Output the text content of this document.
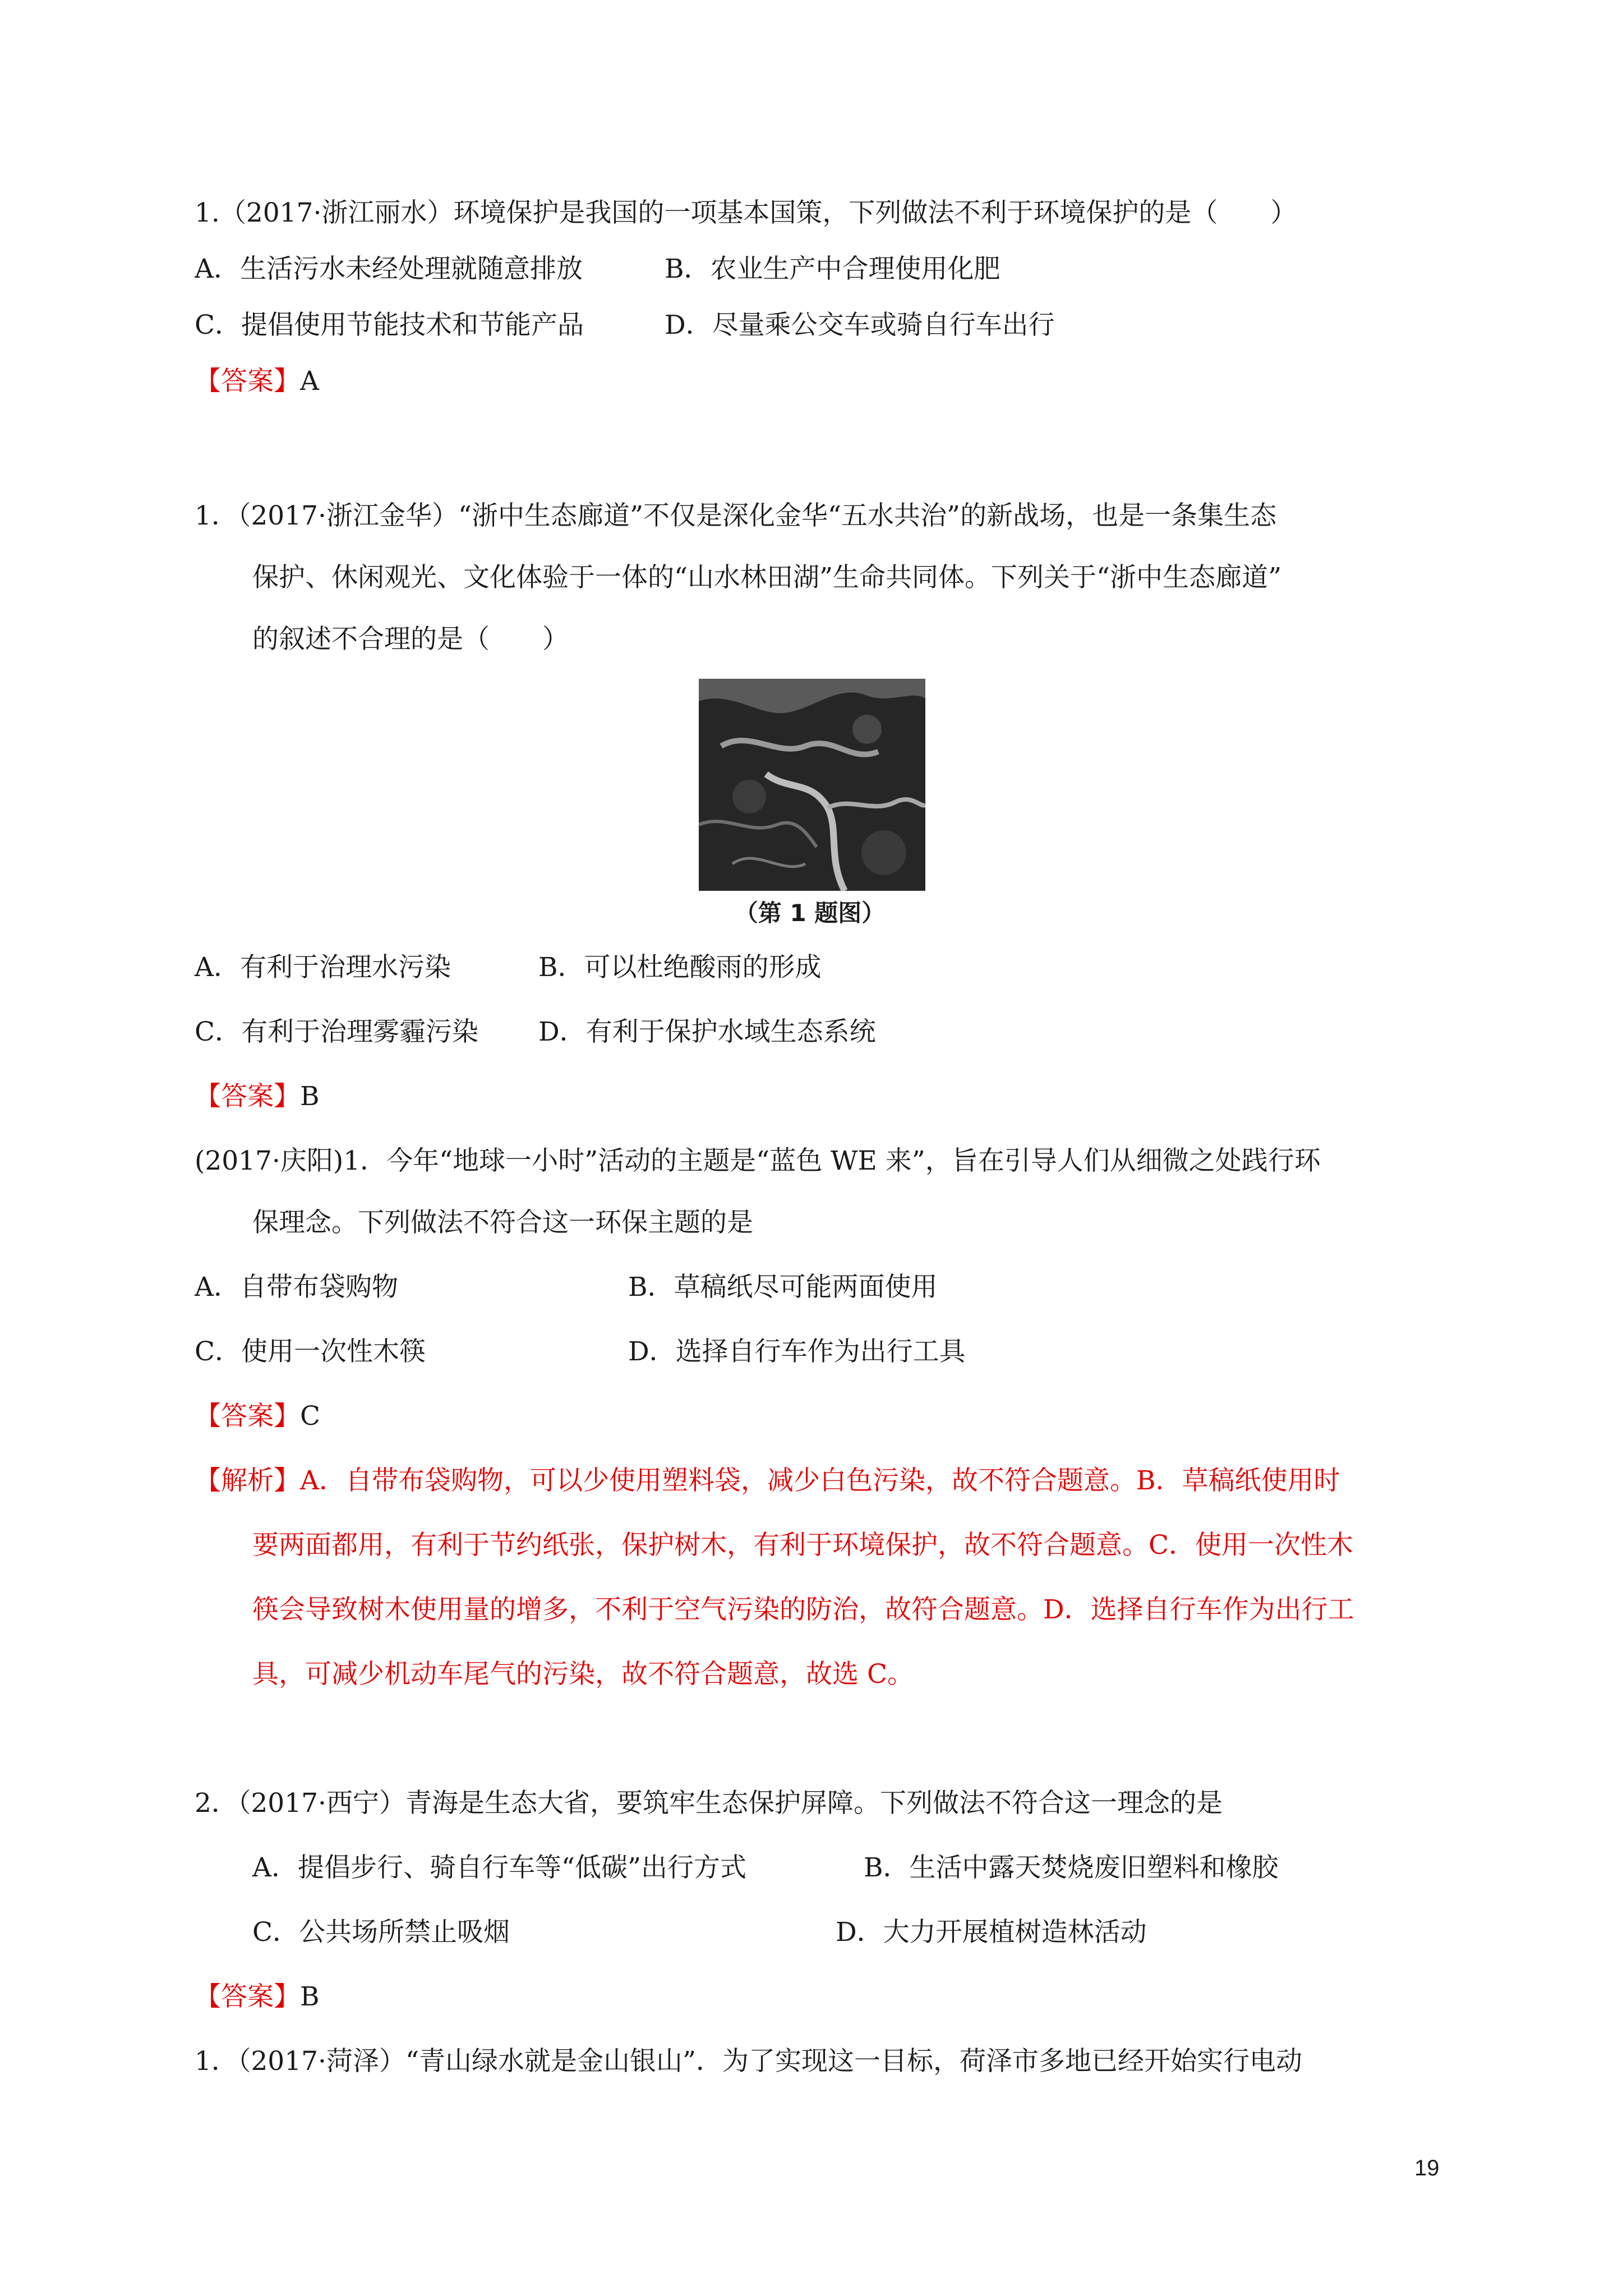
1.（2017·浙江丽水）环境保护是我国的一项基本国策，下列做法不利于环境保护的是（　　）
A．生活污水未经处理就随意排放	B．农业生产中合理使用化肥
C．提倡使用节能技术和节能产品	D．尽量乘公交车或骑自行车出行
【答案】A
1．（2017·浙江金华）“浙中生态廊道”不仅是深化金华“五水共治”的新战场，也是一条集生态
保护、休闲观光、文化体验于一体的“山水林田湖”生命共同体。下列关于“浙中生态廊道”
的叙述不合理的是（　　）
（第 1 题图）
A．有利于治理水污染	B．可以杜绝酸雨的形成
C．有利于治理雾霾污染 D．有利于保护水域生态系统
【答案】B
(2017·庆阳)1．今年“地球一小时”活动的主题是“蓝色 WE 来”，旨在引导人们从细微之处践行环
保理念。下列做法不符合这一环保主题的是
A．自带布袋购物	B．草稿纸尽可能两面使用
C．使用一次性木筷	D．选择自行车作为出行工具
【答案】C
【解析】A．自带布袋购物，可以少使用塑料袋，减少白色污染，故不符合题意。B．草稿纸使用时
要两面都用，有利于节约纸张，保护树木，有利于环境保护，故不符合题意。C．使用一次性木
筷会导致树木使用量的增多，不利于空气污染的防治，故符合题意。D．选择自行车作为出行工
具，可减少机动车尾气的污染，故不符合题意，故选 C。
2．（2017·西宁）青海是生态大省，要筑牢生态保护屏障。下列做法不符合这一理念的是
A．提倡步行、骑自行车等“低碳”出行方式	B．生活中露天焚烧废旧塑料和橡胶
C．公共场所禁止吸烟	D．大力开展植树造林活动
【答案】B
1．（2017·菏泽）“青山绿水就是金山银山”．为了实现这一目标，荷泽市多地已经开始实行电动
19
